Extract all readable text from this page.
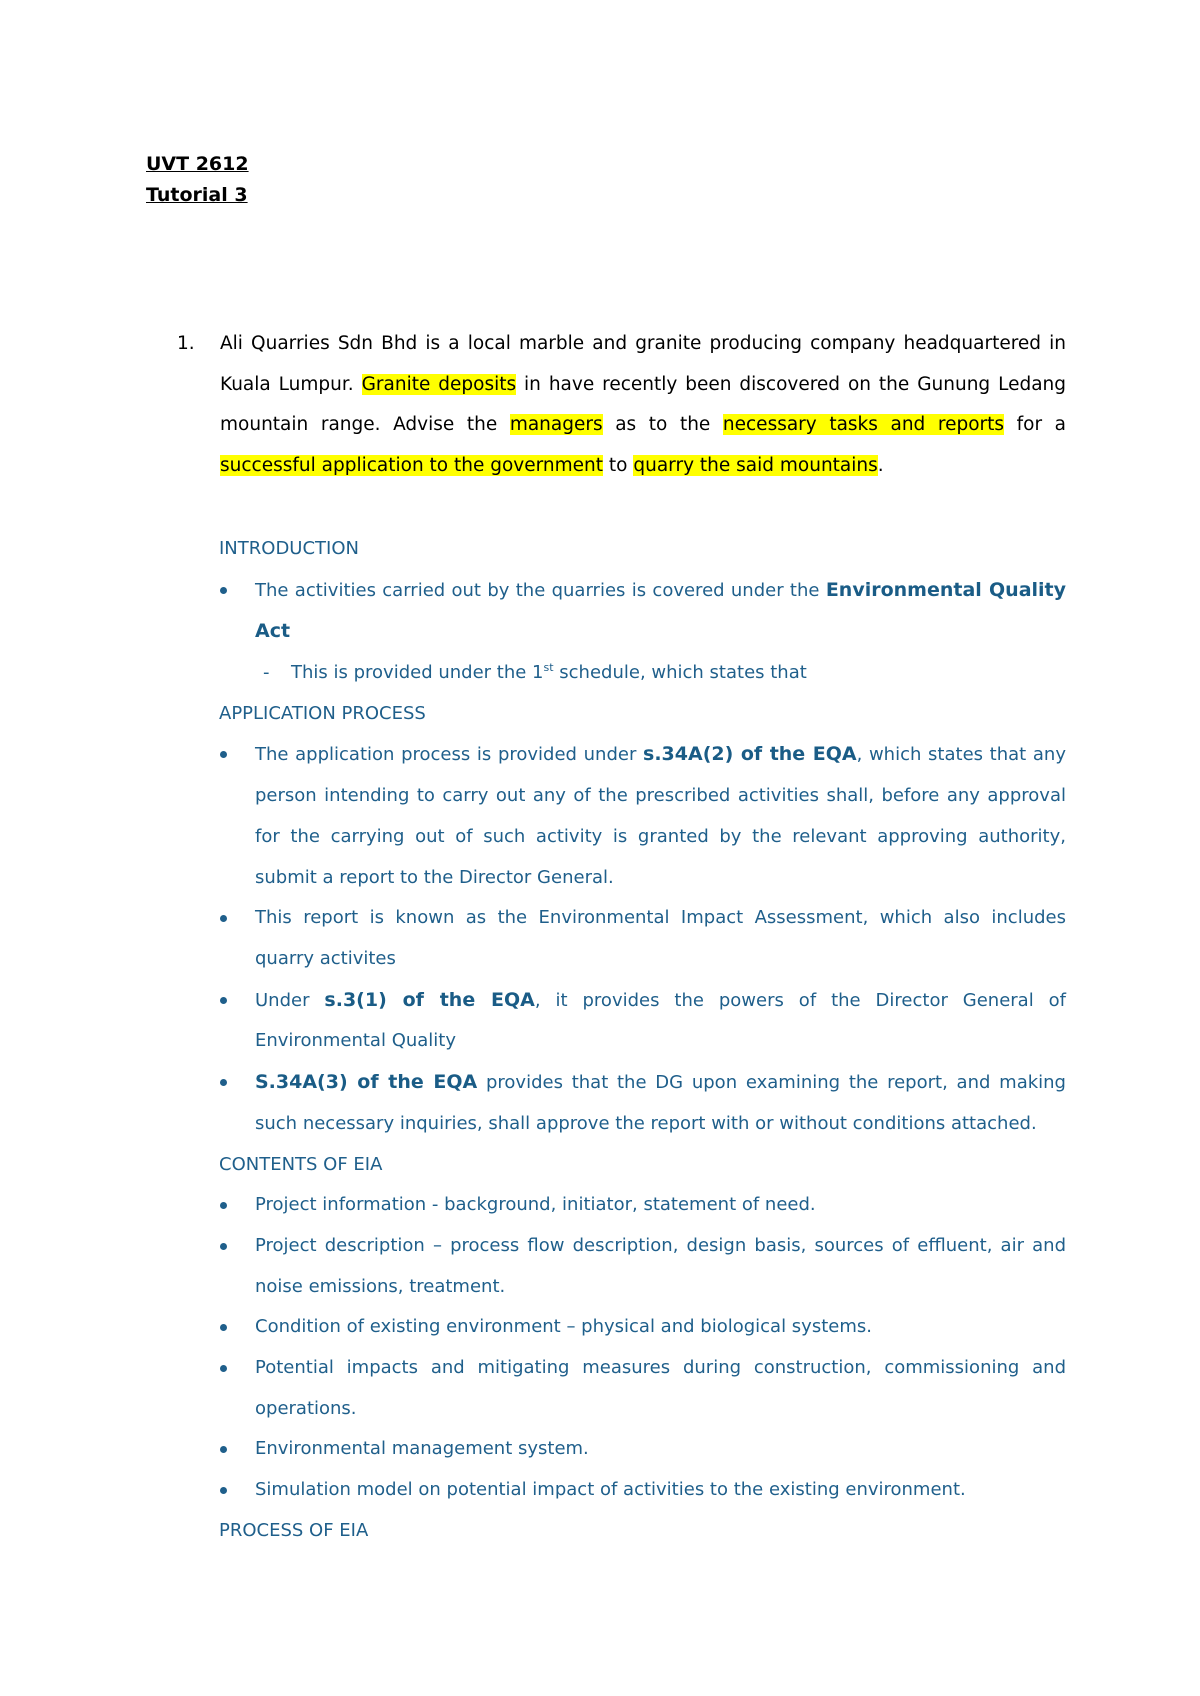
UVT 2612
Tutorial 3
1. Ali Quarries Sdn Bhd is a local marble and granite producing company headquartered in Kuala Lumpur. Granite deposits in have recently been discovered on the Gunung Ledang mountain range. Advise the managers as to the necessary tasks and reports for a successful application to the government to quarry the said mountains.

INTRODUCTION

The activities carried out by the quarries is covered under the Environmental Quality Act
- This is provided under the 1st schedule, which states that

APPLICATION PROCESS

The application process is provided under s.34A(2) of the EQA, which states that any person intending to carry out any of the prescribed activities shall, before any approval for the carrying out of such activity is granted by the relevant approving authority, submit a report to the Director General.
This report is known as the Environmental Impact Assessment, which also includes quarry activites
Under s.3(1) of the EQA, it provides the powers of the Director General of Environmental Quality
S.34A(3) of the EQA provides that the DG upon examining the report, and making such necessary inquiries, shall approve the report with or without conditions attached.

CONTENTS OF EIA

Project information - background, initiator, statement of need.
Project description – process flow description, design basis, sources of effluent, air and noise emissions, treatment.
Condition of existing environment – physical and biological systems.
Potential impacts and mitigating measures during construction, commissioning and operations.
Environmental management system.
Simulation model on potential impact of activities to the existing environment.

PROCESS OF EIA
